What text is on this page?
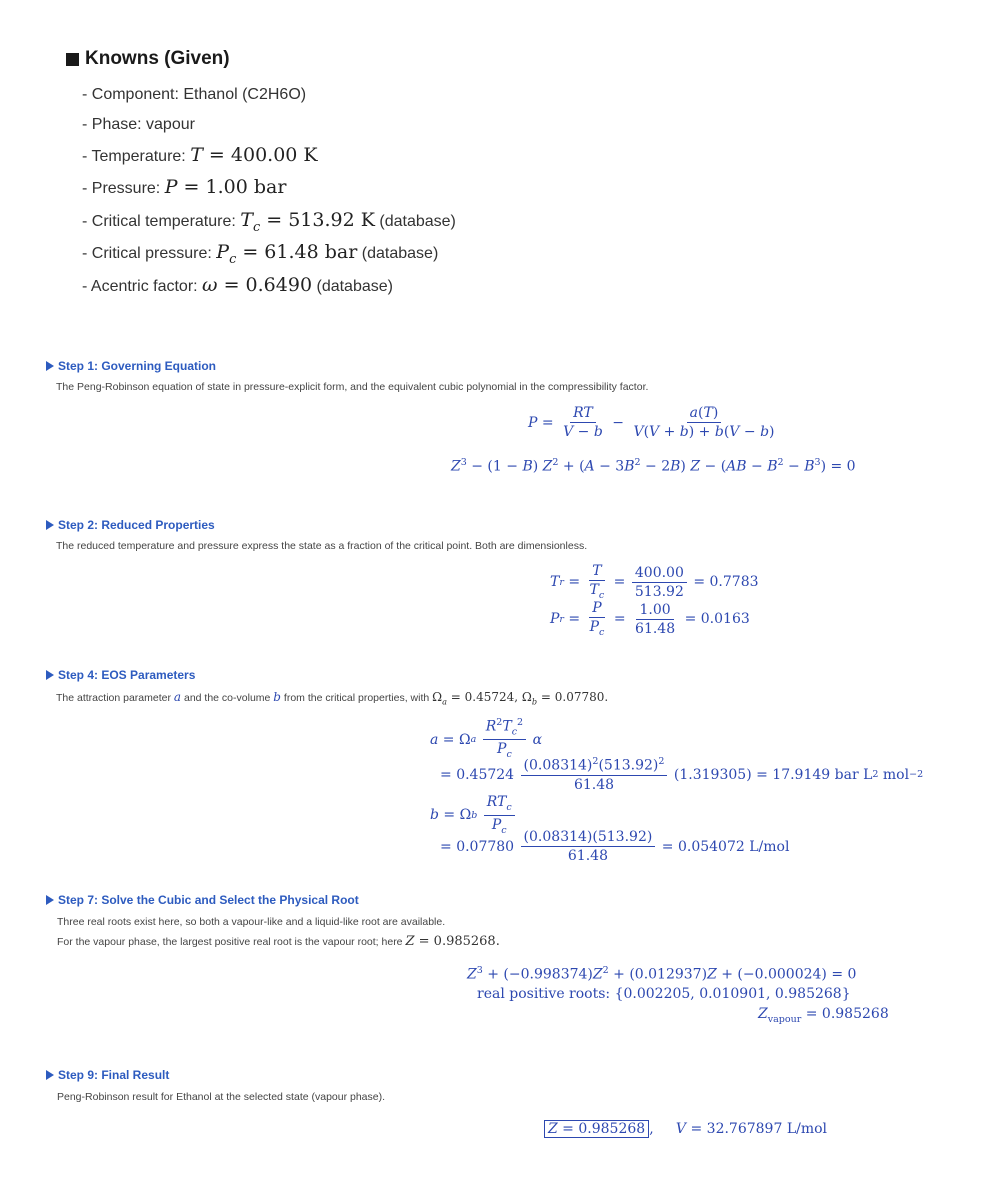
Knowns (Given)
- Component: Ethanol (C2H6O)
- Phase: vapour
- Temperature: T = 400.00 K
- Pressure: P = 1.00 bar
- Critical temperature: $T_c = 513.92$ K (database)
- Critical pressure: $P_c = 61.48$ bar (database)
- Acentric factor: ω = 0.6490 (database)
Step 1: Governing Equation
The Peng-Robinson equation of state in pressure-explicit form, and the equivalent cubic polynomial in the compressibility factor.
$P = \frac{RT}{V - b} - \frac{a(T)}{V(V + b) + b(V - b)}$
$Z^3 - (1 - B) Z^2 + (A - 3B^2 - 2B) Z - (AB - B^2 - B^3) = 0$
Step 2: Reduced Properties
The reduced temperature and pressure express the state as a fraction of the critical point. Both are dimensionless.
T $r = \frac{T}{T_c} = \frac{400.00}{513.92} = 0.7783$
P $r = \frac{P}{P_c} = \frac{1.00}{61.48} = 0.0163$
Step 4: EOS Parameters
The attraction parameter a and the co-volume b from the critical properties, with $\Omega_a = 0.45724$, $\Omega_b = 0.07780$.
a = Ω a
$\frac{R^2T_c^2}{P_c}$
α
= 0.45724
$\frac{(0.08314)^2(513.92)^2}{61.48}$ ( 1.319305 ) = 17.9149
bar L 2 mol −2
b = Ω b
$\frac{RT_c}{P_c}$
= 0.07780
$\frac{(0.08314)(513.92)}{61.48} = 0.054072$
L/mol
Step 7: Solve the Cubic and Select the Physical Root
Three real roots exist here, so both a vapour-like and a liquid-like root are available.
For the vapour phase, the largest positive real root is the vapour root; here Z = 0.985268.
$Z^3 + (-0.998374)Z^2 + (0.012937)Z + (-0.000024) = 0$
real positive roots: {0.002205, 0.010901, 0.985268}
$Z_{vapour} = 0.985268$
Step 9: Final Result
Peng-Robinson result for Ethanol at the selected state (vapour phase).
Z = 0.985268 ,     V = 32.767897 L/mol
